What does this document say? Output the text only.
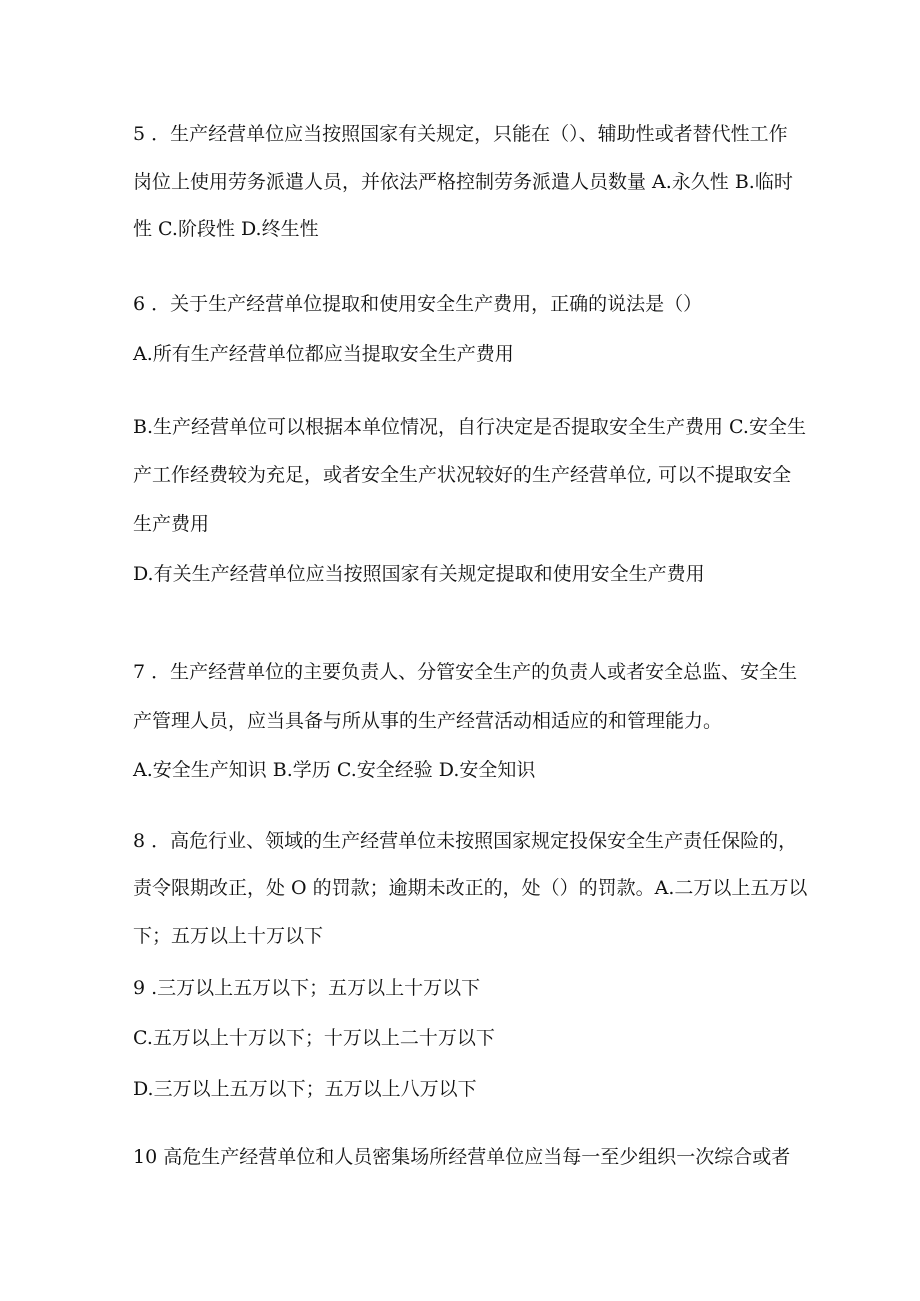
5 ．生产经营单位应当按照国家有关规定，只能在（）、辅助性或者替代性工作
岗位上使用劳务派遣人员，并依法严格控制劳务派遣人员数量 A.永久性 B.临时
性 C.阶段性 D.终生性
6 ．关于生产经营单位提取和使用安全生产费用，正确的说法是（）
A.所有生产经营单位都应当提取安全生产费用
B.生产经营单位可以根据本单位情况，自行决定是否提取安全生产费用 C.安全生
产工作经费较为充足，或者安全生产状况较好的生产经营单位, 可以不提取安全
生产费用
D.有关生产经营单位应当按照国家有关规定提取和使用安全生产费用
7 ．生产经营单位的主要负责人、分管安全生产的负责人或者安全总监、安全生
产管理人员，应当具备与所从事的生产经营活动相适应的和管理能力。
A.安全生产知识 B.学历 C.安全经验 D.安全知识
8 ．高危行业、领域的生产经营单位未按照国家规定投保安全生产责任保险的，
责令限期改正，处 O 的罚款；逾期未改正的，处（）的罚款。A.二万以上五万以
下；五万以上十万以下
9 .三万以上五万以下；五万以上十万以下
C.五万以上十万以下；十万以上二十万以下
D.三万以上五万以下；五万以上八万以下
10 高危生产经营单位和人员密集场所经营单位应当每一至少组织一次综合或者
